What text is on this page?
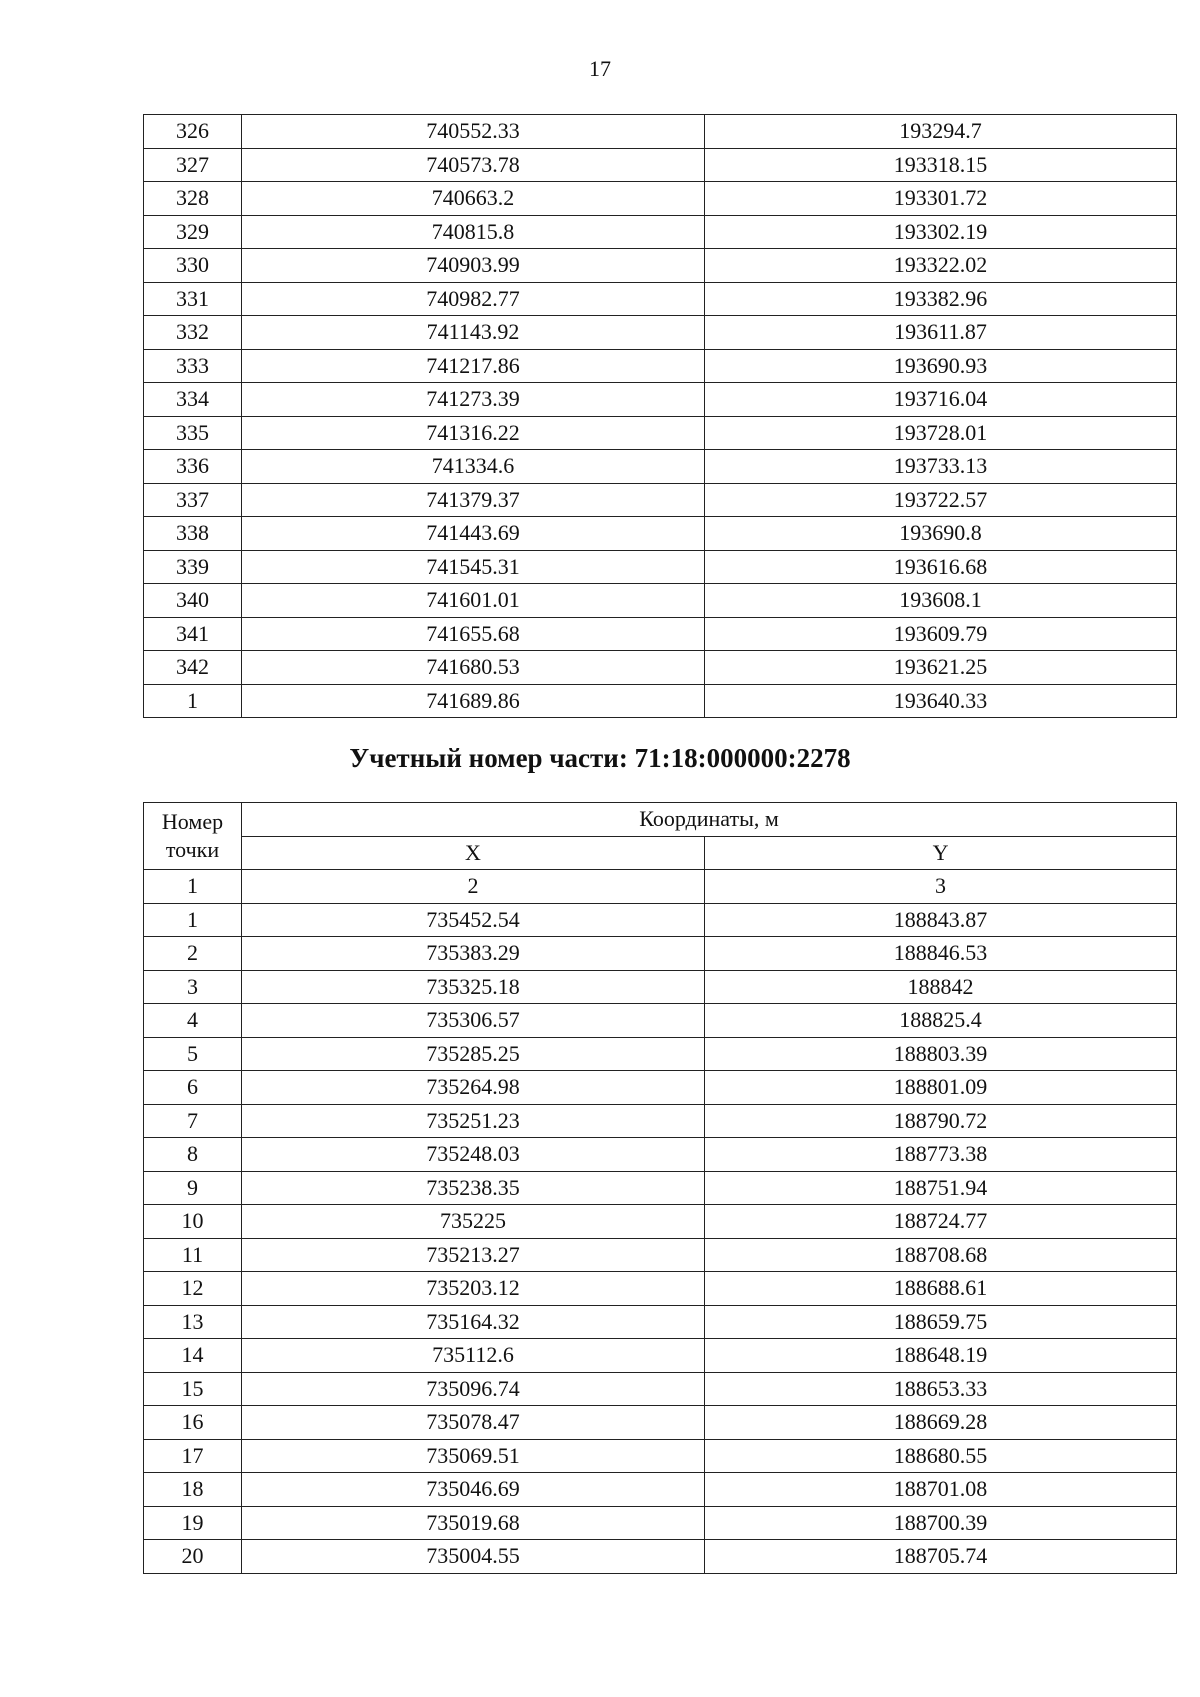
17
326	740552.33	193294.7
327	740573.78	193318.15
328	740663.2	193301.72
329	740815.8	193302.19
330	740903.99	193322.02
331	740982.77	193382.96
332	741143.92	193611.87
333	741217.86	193690.93
334	741273.39	193716.04
335	741316.22	193728.01
336	741334.6	193733.13
337	741379.37	193722.57
338	741443.69	193690.8
339	741545.31	193616.68
340	741601.01	193608.1
341	741655.68	193609.79
342	741680.53	193621.25
1	741689.86	193640.33
Учетный номер части: 71:18:000000:2278
Номер
точки	Координаты, м	
	X	Y
1	2	3
1	735452.54	188843.87
2	735383.29	188846.53
3	735325.18	188842
4	735306.57	188825.4
5	735285.25	188803.39
6	735264.98	188801.09
7	735251.23	188790.72
8	735248.03	188773.38
9	735238.35	188751.94
10	735225	188724.77
11	735213.27	188708.68
12	735203.12	188688.61
13	735164.32	188659.75
14	735112.6	188648.19
15	735096.74	188653.33
16	735078.47	188669.28
17	735069.51	188680.55
18	735046.69	188701.08
19	735019.68	188700.39
20	735004.55	188705.74
